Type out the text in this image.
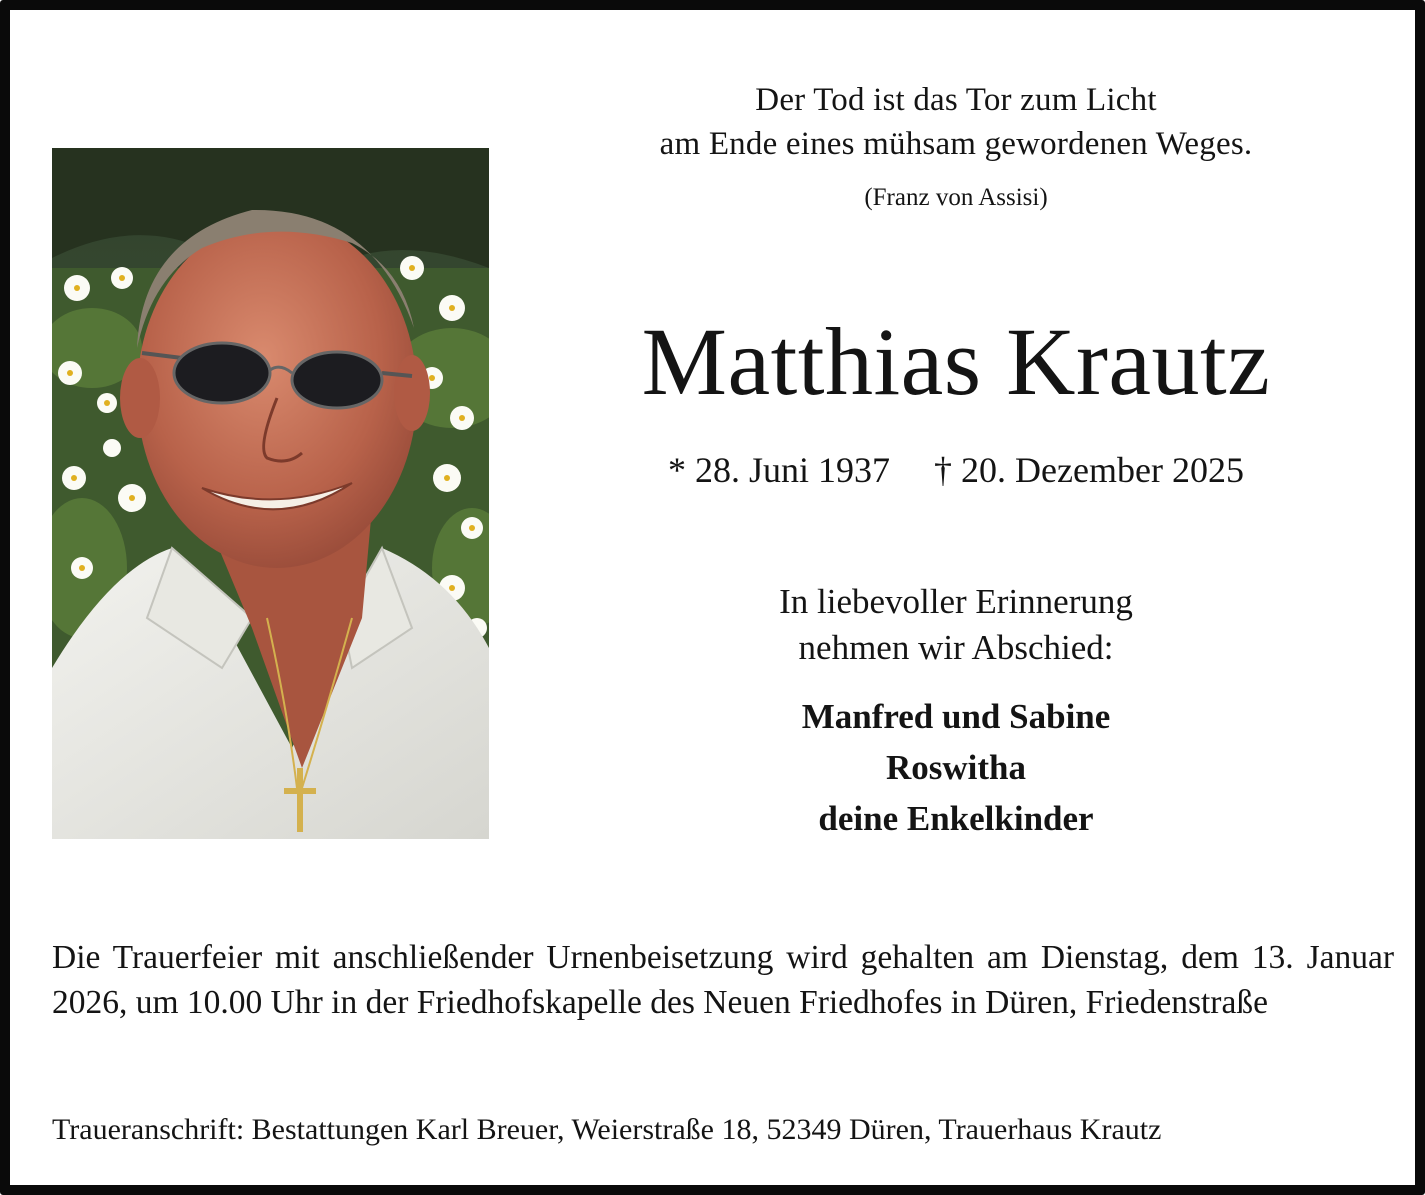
Der Tod ist das Tor zum Licht
am Ende eines mühsam gewordenen Weges.
(Franz von Assisi)
Matthias Krautz
* 28. Juni 1937 † 20. Dezember 2025
In liebevoller Erinnerung
nehmen wir Abschied:
Manfred und Sabine
Roswitha
deine Enkelkinder
Die Trauerfeier mit anschließender Urnenbeisetzung wird gehalten am Dienstag, dem 13. Januar 2026, um 10.00 Uhr in der Friedhofskapelle des Neuen Friedhofes in Düren, Friedenstraße
Traueranschrift: Bestattungen Karl Breuer, Weierstraße 18, 52349 Düren, Trauerhaus Krautz
